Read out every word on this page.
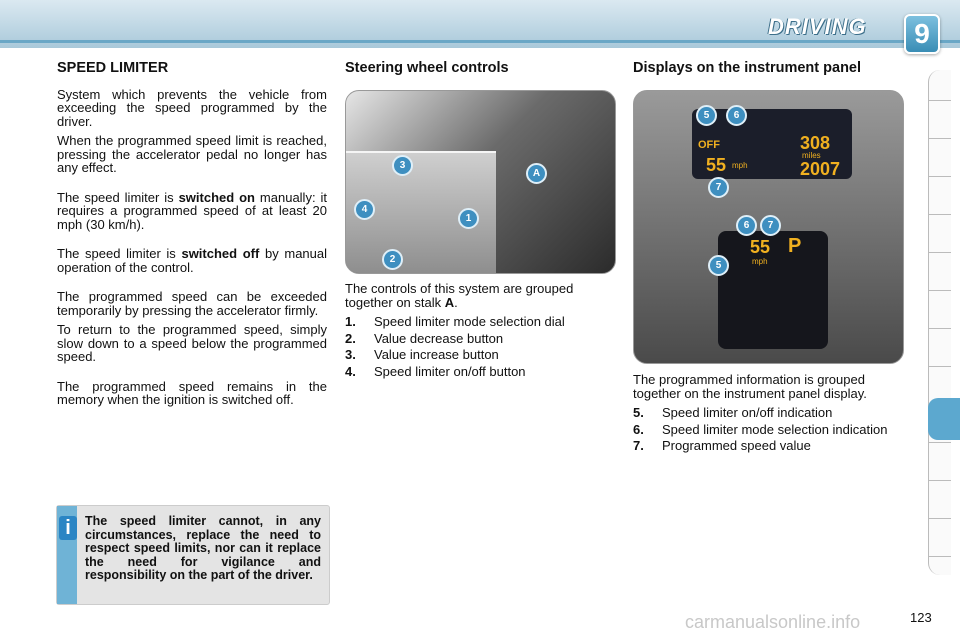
DRIVING	9
SPEED LIMITER

System which prevents the vehicle from exceeding the speed programmed by the driver.

When the programmed speed limit is reached, pressing the accelerator pedal no longer has any effect.

The speed limiter is switched on manually: it requires a programmed speed of at least 20 mph (30 km/h).

The speed limiter is switched off by manual operation of the control.

The programmed speed can be exceeded temporarily by pressing the accelerator firmly.

To return to the programmed speed, simply slow down to a speed below the programmed speed.

The programmed speed remains in the memory when the ignition is switched off.

Steering wheel controls
3
A
4
1
2

The controls of this system are grouped together on stalk A.

1. Speed limiter mode selection dial
2. Value decrease button
3. Value increase button
4. Speed limiter on/off button
Displays on the instrument panel
OFF
55 mph
308
miles
2007
55
mph
P
5	6
7
6	7
5

The programmed information is grouped together on the instrument panel display.

5. Speed limiter on/off indication
6. Speed limiter mode selection indication
7. Programmed speed value
i	The speed limiter cannot, in any circumstances, replace the need to respect speed limits, nor can it replace the need for vigilance and responsibility on the part of the driver.
carmanualsonline.info	123
